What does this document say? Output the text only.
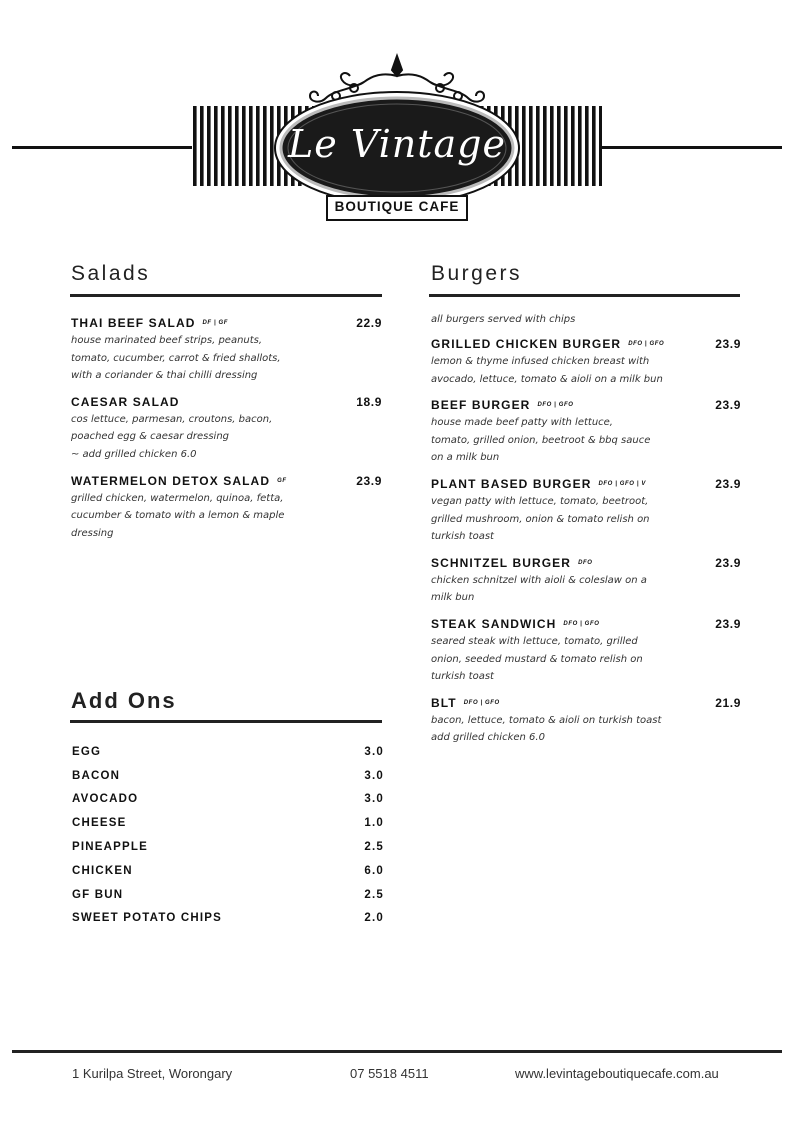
Le Vintage
BOUTIQUE CAFE
Salads
THAI BEEF SALAD DF | GF	22.9
house marinated beef strips, peanuts,
tomato, cucumber, carrot & fried shallots,
with a coriander & thai chilli dressing
CAESAR SALAD	18.9
cos lettuce, parmesan, croutons, bacon,
poached egg & caesar dressing
~ add grilled chicken 6.0
WATERMELON DETOX SALAD GF	23.9
grilled chicken, watermelon, quinoa, fetta,
cucumber & tomato with a lemon & maple
dressing
Add Ons
EGG	3.0
BACON	3.0
AVOCADO	3.0
CHEESE	1.0
PINEAPPLE	2.5
CHICKEN	6.0
GF BUN	2.5
SWEET POTATO CHIPS	2.0
Burgers
all burgers served with chips
GRILLED CHICKEN BURGER DFO | GFO	23.9
lemon & thyme infused chicken breast with
avocado, lettuce, tomato & aioli on a milk bun
BEEF BURGER DFO | GFO	23.9
house made beef patty with lettuce,
tomato, grilled onion, beetroot & bbq sauce
on a milk bun
PLANT BASED BURGER DFO | GFO | V	23.9
vegan patty with lettuce, tomato, beetroot,
grilled mushroom, onion & tomato relish on
turkish toast
SCHNITZEL BURGER DFO	23.9
chicken schnitzel with aioli & coleslaw on a
milk bun
STEAK SANDWICH DFO | GFO	23.9
seared steak with lettuce, tomato, grilled
onion, seeded mustard & tomato relish on
turkish toast
BLT DFO | GFO	21.9
bacon, lettuce, tomato & aioli on turkish toast
add grilled chicken 6.0
1 Kurilpa Street, Worongary	07 5518 4511	www.levintageboutiquecafe.com.au
